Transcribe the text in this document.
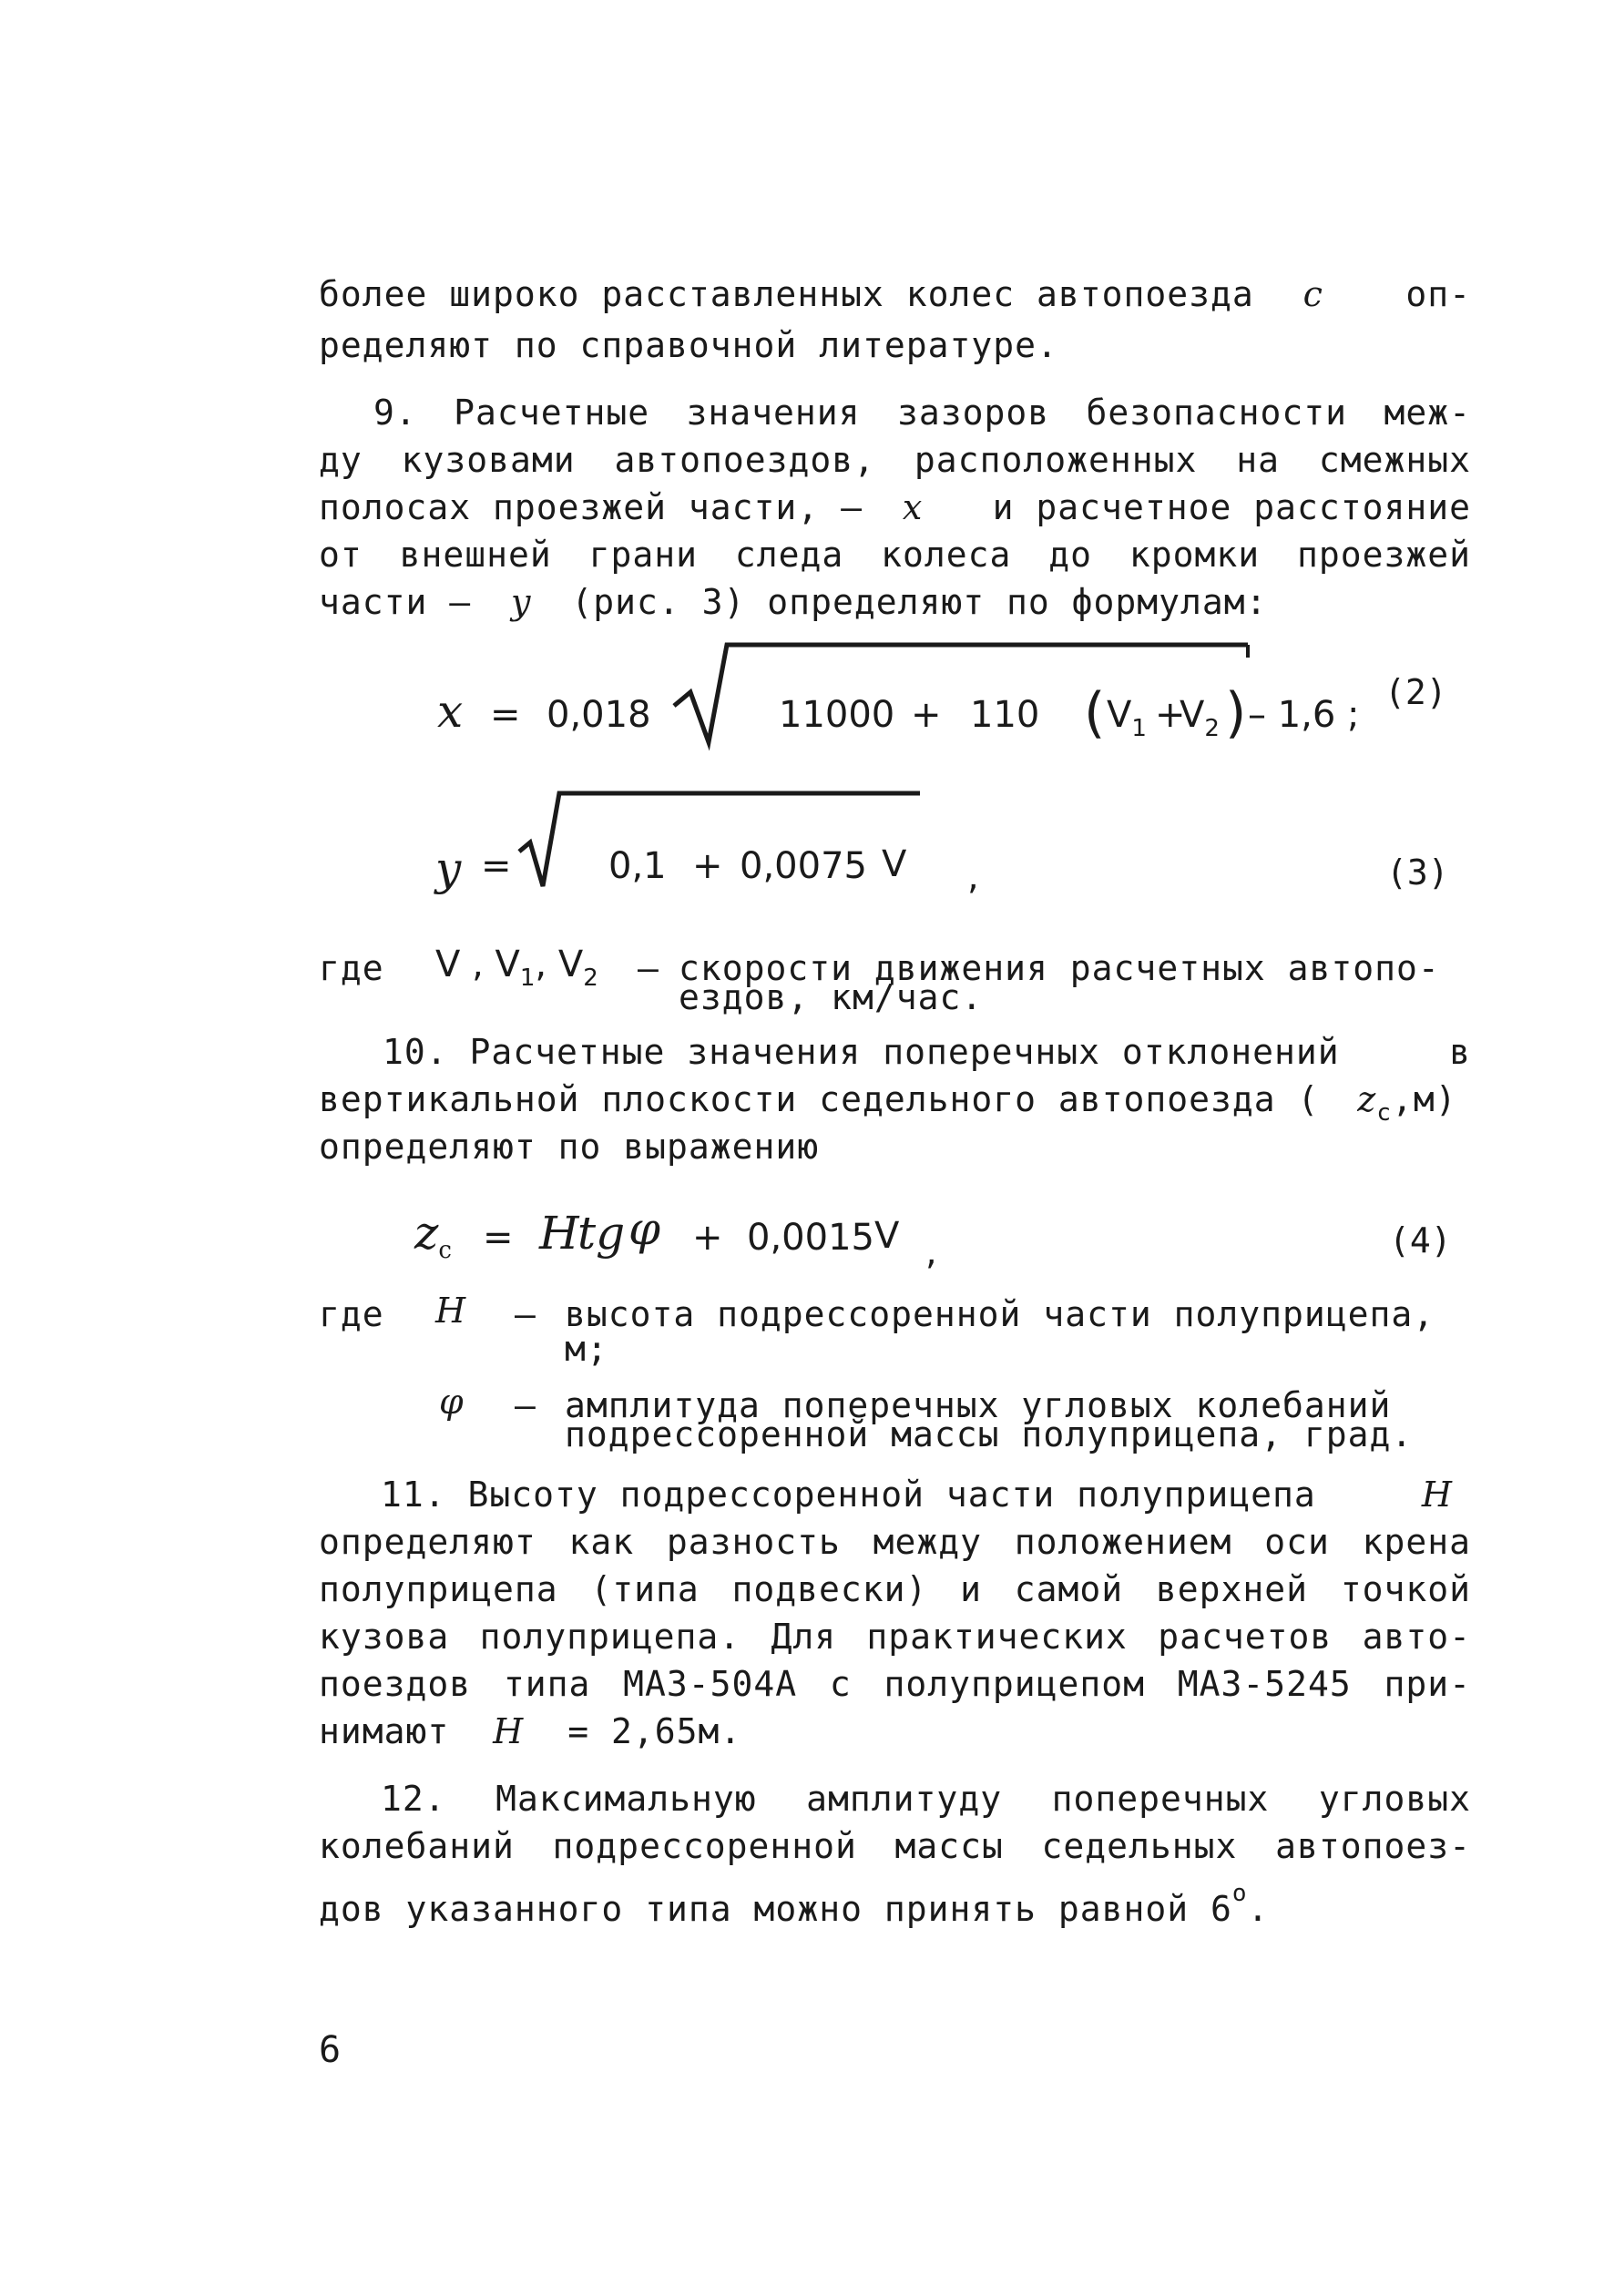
более широко расставленных колес автопоезда c оп-
ределяют по справочной литературе.
9. Расчетные значения зазоров безопасности меж-
ду кузовами автопоездов, расположенных на смежных
полосах проезжей части, – x и расчетное расстояние
от внешней грани следа колеса до кромки проезжей
части – y (рис. 3) определяют по формулам:
x = 0,018	11000 + 110 ( $V_1$ +
$V_2$ ) – 1,6 ;
(2)
y =	0,1 + 0,0075 V ,	(3)
где V , $V_1$, $V_2$ – скорости движения расчетных автопо-
ездов, км/час.
10. Расчетные значения поперечных отклонений	в
вертикальной плоскости седельного автопоезда ( $z_c,м$)
определяют по выражению
$z_c = H$
tg φ + 0,0015 V ,	(4)
где H – высота подрессоренной части полуприцепа,
м;
φ – амплитуда поперечных угловых колебаний
подрессоренной массы полуприцепа, град.
11. Высоту подрессоренной части полуприцепа	H
определяют как разность между положением оси крена
полуприцепа (типа подвески) и самой верхней точкой
кузова полуприцепа. Для практических расчетов авто-
поездов типа МАЗ-504А с полуприцепом МАЗ-5245 при-
нимают H = 2,65м.
12. Максимальную амплитуду поперечных угловых
колебаний подрессоренной массы седельных автопоез-
дов указанного типа можно принять равной $6^о$.
6
